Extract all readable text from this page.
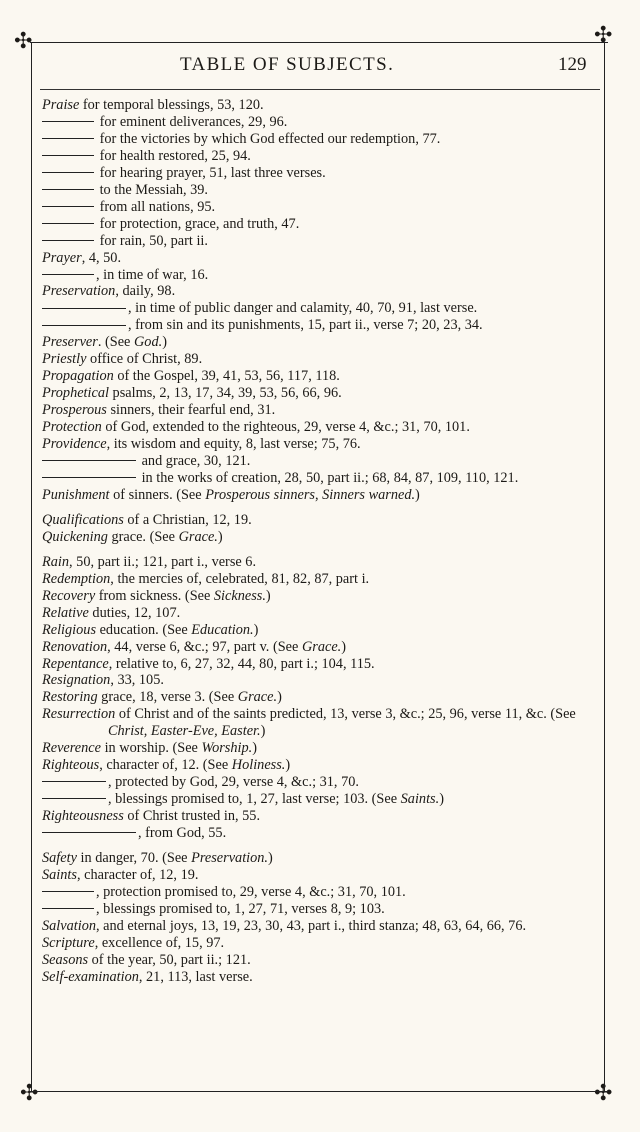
✣	✣
✣	✣
TABLE OF SUBJECTS.	129

Praise for temporal blessings, 53, 120.

for eminent deliverances, 29, 96.

for the victories by which God effected our redemption, 77.

for health restored, 25, 94.

for hearing prayer, 51, last three verses.

to the Messiah, 39.

from all nations, 95.

for protection, grace, and truth, 47.

for rain, 50, part ii.

Prayer, 4, 50.

, in time of war, 16.

Preservation, daily, 98.

, in time of public danger and calamity, 40, 70, 91, last verse.

, from sin and its punishments, 15, part ii., verse 7; 20, 23, 34.

Preserver. (See God.)

Priestly office of Christ, 89.

Propagation of the Gospel, 39, 41, 53, 56, 117, 118.

Prophetical psalms, 2, 13, 17, 34, 39, 53, 56, 66, 96.

Prosperous sinners, their fearful end, 31.

Protection of God, extended to the righteous, 29, verse 4, &c.; 31, 70, 101.

Providence, its wisdom and equity, 8, last verse; 75, 76.

and grace, 30, 121.

in the works of creation, 28, 50, part ii.; 68, 84, 87, 109, 110, 121.

Punishment of sinners. (See Prosperous sinners, Sinners warned.)

Qualifications of a Christian, 12, 19.

Quickening grace. (See Grace.)

Rain, 50, part ii.; 121, part i., verse 6.

Redemption, the mercies of, celebrated, 81, 82, 87, part i.

Recovery from sickness. (See Sickness.)

Relative duties, 12, 107.

Religious education. (See Education.)

Renovation, 44, verse 6, &c.; 97, part v. (See Grace.)

Repentance, relative to, 6, 27, 32, 44, 80, part i.; 104, 115.

Resignation, 33, 105.

Restoring grace, 18, verse 3. (See Grace.)

Resurrection of Christ and of the saints predicted, 13, verse 3, &c.; 25, 96, verse 11, &c. (See Christ, Easter-Eve, Easter.)

Reverence in worship. (See Worship.)

Righteous, character of, 12. (See Holiness.)

, protected by God, 29, verse 4, &c.; 31, 70.

, blessings promised to, 1, 27, last verse; 103. (See Saints.)

Righteousness of Christ trusted in, 55.

, from God, 55.

Safety in danger, 70. (See Preservation.)

Saints, character of, 12, 19.

, protection promised to, 29, verse 4, &c.; 31, 70, 101.

, blessings promised to, 1, 27, 71, verses 8, 9; 103.

Salvation, and eternal joys, 13, 19, 23, 30, 43, part i., third stanza; 48, 63, 64, 66, 76.

Scripture, excellence of, 15, 97.

Seasons of the year, 50, part ii.; 121.

Self-examination, 21, 113, last verse.
